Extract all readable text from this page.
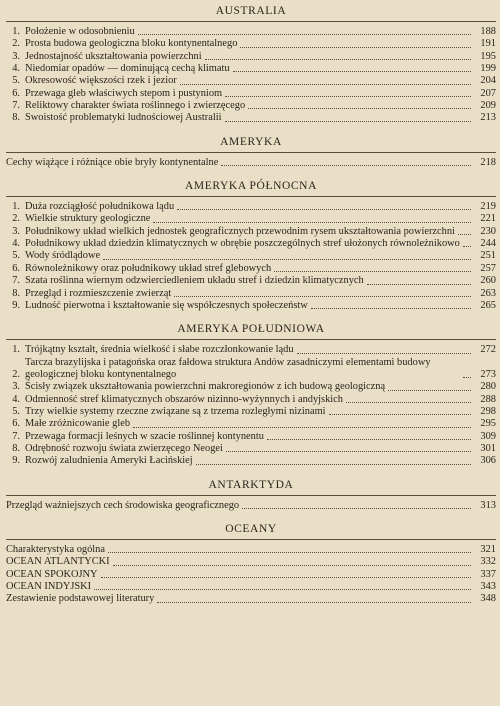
AUSTRALIA
1. Położenie w odosobnieniu	188
2. Prosta budowa geologiczna bloku kontynentalnego	191
3. Jednostajność ukształtowania powierzchni	195
4. Niedomiar opadów — dominującą cechą klimatu	199
5. Okresowość większości rzek i jezior	204
6. Przewaga gleb właściwych stepom i pustyniom	207
7. Reliktowy charakter świata roślinnego i zwierzęcego	209
8. Swoistość problematyki ludnościowej Australii	213
AMERYKA
Cechy wiążące i różniące obie bryły kontynentalne	218
AMERYKA PÓŁNOCNA
1. Duża rozciągłość południkowa lądu	219
2. Wielkie struktury geologiczne	221
3. Południkowy układ wielkich jednostek geograficznych przewodnim rysem ukształtowania powierzchni	230
4. Południkowy układ dziedzin klimatycznych w obrębie poszczególnych stref ułożonych równoleżnikowo	244
5. Wody śródlądowe	251
6. Równoleżnikowy oraz południkowy układ stref glebowych	257
7. Szata roślinna wiernym odzwierciedleniem układu stref i dziedzin klimatycznych	260
8. Przegląd i rozmieszczenie zwierząt	263
9. Ludność pierwotna i kształtowanie się współczesnych społeczeństw	265
AMERYKA POŁUDNIOWA
1. Trójkątny kształt, średnia wielkość i słabe rozczłonkowanie lądu	272
2.
Tarcza brazylijska i patagońska oraz fałdowa struktura Andów zasadniczymi elementami budowy geologicznej bloku kontynentalnego	273
3. Ścisły związek ukształtowania powierzchni makroregionów z ich budową geologiczną	280
4. Odmienność stref klimatycznych obszarów nizinno-wyżynnych i andyjskich	288
5. Trzy wielkie systemy rzeczne związane są z trzema rozległymi nizinami	298
6. Małe zróżnicowanie gleb	295
7. Przewaga formacji leśnych w szacie roślinnej kontynentu	309
8. Odrębność rozwoju świata zwierzęcego Neogei	301
9. Rozwój zaludnienia Ameryki Łacińskiej	306
ANTARKTYDA
Przegląd ważniejszych cech środowiska geograficznego	313
OCEANY
Charakterystyka ogólna	321
OCEAN ATLANTYCKI	332
OCEAN SPOKOJNY	337
OCEAN INDYJSKI	343
Zestawienie podstawowej literatury	348
